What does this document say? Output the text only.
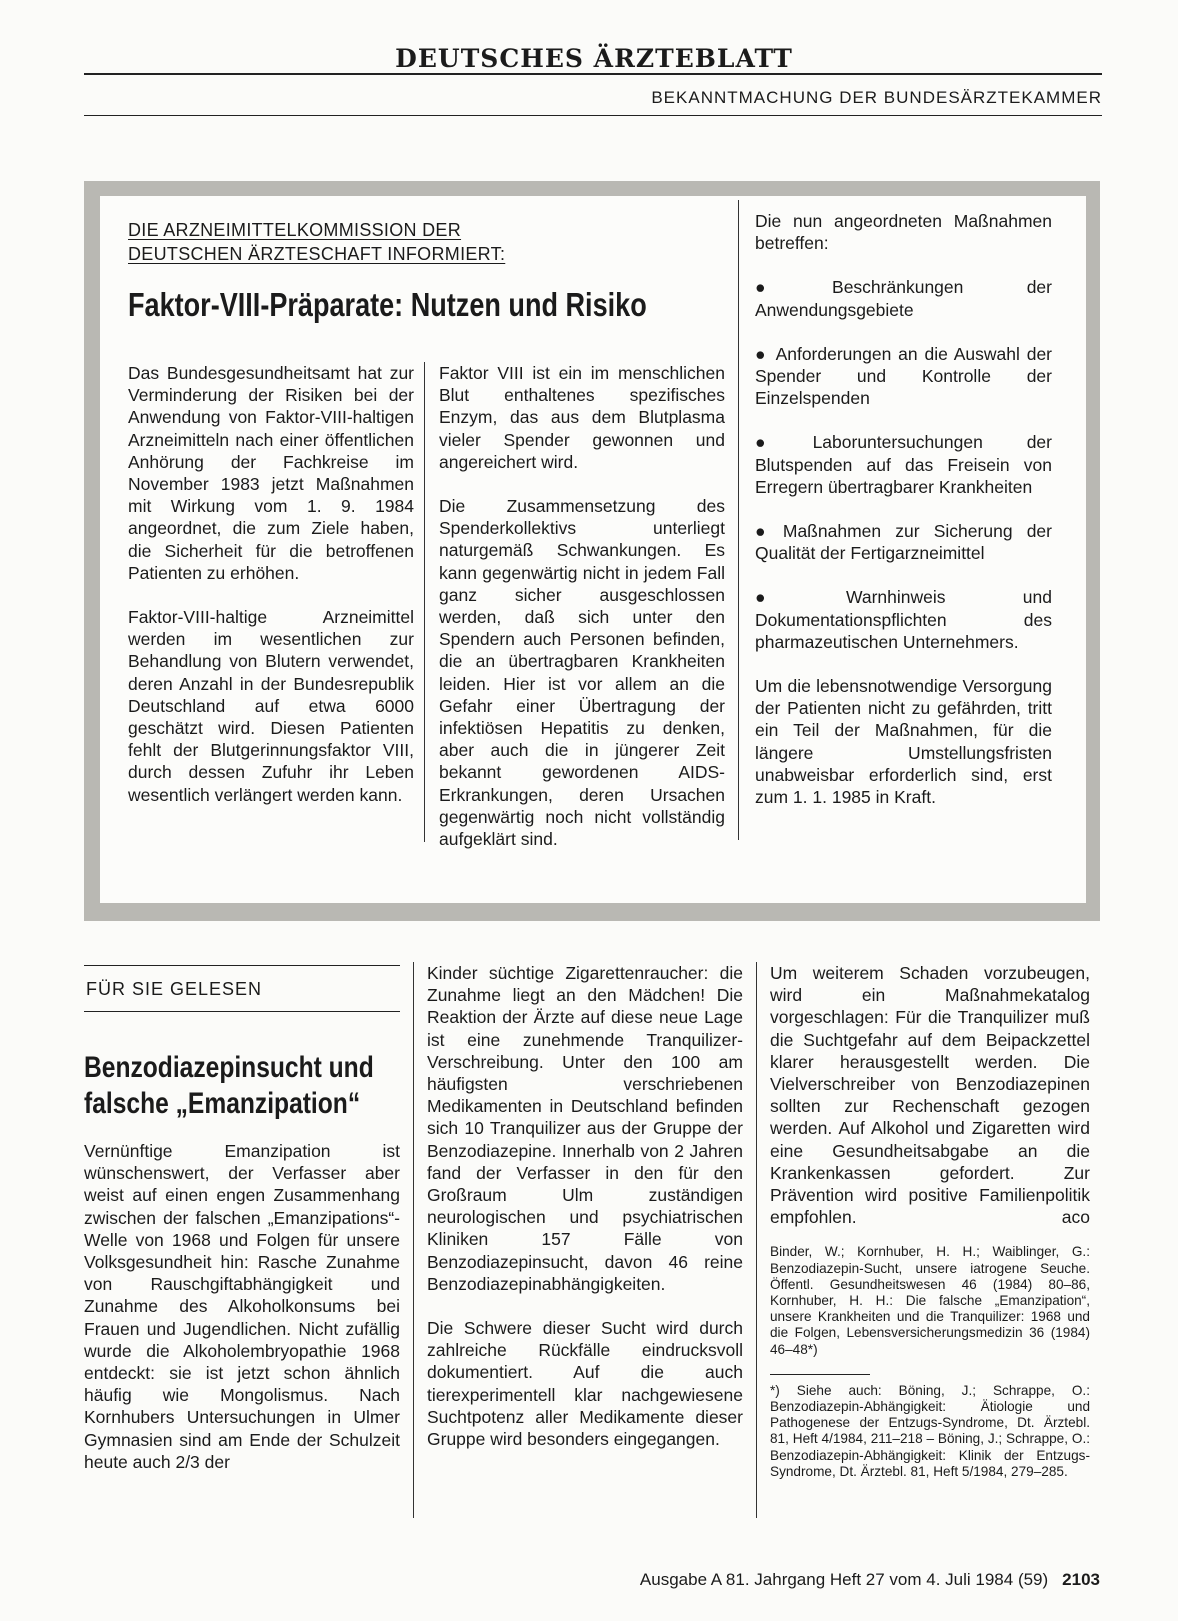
DEUTSCHES ÄRZTEBLATT
BEKANNTMACHUNG DER BUNDESÄRZTEKAMMER
DIE ARZNEIMITTELKOMMISSION DER
DEUTSCHEN ÄRZTESCHAFT INFORMIERT:
Faktor-VIII-Präparate: Nutzen und Risiko

Das Bundesgesundheitsamt hat zur Verminderung der Risiken bei der Anwendung von Faktor-VIII-haltigen Arzneimitteln nach einer öffentlichen Anhörung der Fachkreise im November 1983 jetzt Maßnahmen mit Wirkung vom 1. 9. 1984 angeordnet, die zum Ziele haben, die Sicherheit für die betroffenen Patienten zu erhöhen.

Faktor-VIII-haltige Arzneimittel werden im wesentlichen zur Behandlung von Blutern verwendet, deren Anzahl in der Bundesrepublik Deutschland auf etwa 6000 geschätzt wird. Diesen Patienten fehlt der Blutgerinnungsfaktor VIII, durch dessen Zufuhr ihr Leben wesentlich verlängert werden kann.

Faktor VIII ist ein im menschlichen Blut enthaltenes spezifisches Enzym, das aus dem Blutplasma vieler Spender gewonnen und angereichert wird.

Die Zusammensetzung des Spenderkollektivs unterliegt naturgemäß Schwankungen. Es kann gegenwärtig nicht in jedem Fall ganz sicher ausgeschlossen werden, daß sich unter den Spendern auch Personen befinden, die an übertragbaren Krankheiten leiden. Hier ist vor allem an die Gefahr einer Übertragung der infektiösen Hepatitis zu denken, aber auch die in jüngerer Zeit bekannt gewordenen AIDS-Erkrankungen, deren Ursachen gegenwärtig noch nicht vollständig aufgeklärt sind.

Die nun angeordneten Maßnahmen betreffen:

● Beschränkungen der Anwendungsgebiete

● Anforderungen an die Auswahl der Spender und Kontrolle der Einzelspenden

● Laboruntersuchungen der Blutspenden auf das Freisein von Erregern übertragbarer Krankheiten

● Maßnahmen zur Sicherung der Qualität der Fertigarzneimittel

● Warnhinweis und Dokumentationspflichten des pharmazeutischen Unternehmers.

Um die lebensnotwendige Versorgung der Patienten nicht zu gefährden, tritt ein Teil der Maßnahmen, für die längere Umstellungsfristen unabweisbar erforderlich sind, erst zum 1. 1. 1985 in Kraft.

FÜR SIE GELESEN
Benzodiazepinsucht und
falsche „Emanzipation“

Vernünftige Emanzipation ist wünschenswert, der Verfasser aber weist auf einen engen Zusammenhang zwischen der falschen „Emanzipations“-Welle von 1968 und Folgen für unsere Volksgesundheit hin: Rasche Zunahme von Rauschgiftabhängigkeit und Zunahme des Alkoholkonsums bei Frauen und Jugendlichen. Nicht zufällig wurde die Alkoholembryopathie 1968 entdeckt: sie ist jetzt schon ähnlich häufig wie Mongolismus. Nach Kornhubers Untersuchungen in Ulmer Gymnasien sind am Ende der Schulzeit heute auch 2/3 der

Kinder süchtige Zigarettenraucher: die Zunahme liegt an den Mädchen! Die Reaktion der Ärzte auf diese neue Lage ist eine zunehmende Tranquilizer-Verschreibung. Unter den 100 am häufigsten verschriebenen Medikamenten in Deutschland befinden sich 10 Tranquilizer aus der Gruppe der Benzodiazepine. Innerhalb von 2 Jahren fand der Verfasser in den für den Großraum Ulm zuständigen neurologischen und psychiatrischen Kliniken 157 Fälle von Benzodiazepinsucht, davon 46 reine Benzodiazepinabhängigkeiten.

Die Schwere dieser Sucht wird durch zahlreiche Rückfälle eindrucksvoll dokumentiert. Auf die auch tierexperimentell klar nachgewiesene Suchtpotenz aller Medikamente dieser Gruppe wird besonders eingegangen.

Um weiterem Schaden vorzubeugen, wird ein Maßnahmekatalog vorgeschlagen: Für die Tranquilizer muß die Suchtgefahr auf dem Beipackzettel klarer herausgestellt werden. Die Vielverschreiber von Benzodiazepinen sollten zur Rechenschaft gezogen werden. Auf Alkohol und Zigaretten wird eine Gesundheitsabgabe an die Krankenkassen gefordert. Zur Prävention wird positive Familienpolitik empfohlen.	aco
Binder, W.; Kornhuber, H. H.; Waiblinger, G.: Benzodiazepin-Sucht, unsere iatrogene Seuche. Öffentl. Gesundheitswesen 46 (1984) 80–86, Kornhuber, H. H.: Die falsche „Emanzipation“, unsere Krankheiten und die Tranquilizer: 1968 und die Folgen, Lebensversicherungsmedizin 36 (1984) 46–48*)
*) Siehe auch: Böning, J.; Schrappe, O.: Benzodiazepin-Abhängigkeit: Ätiologie und Pathogenese der Entzugs-Syndrome, Dt. Ärztebl. 81, Heft 4/1984, 211–218 – Böning, J.; Schrappe, O.: Benzodiazepin-Abhängigkeit: Klinik der Entzugs-Syndrome, Dt. Ärztebl. 81, Heft 5/1984, 279–285.
Ausgabe A 81. Jahrgang Heft 27 vom 4. Juli 1984 (59) 2103
